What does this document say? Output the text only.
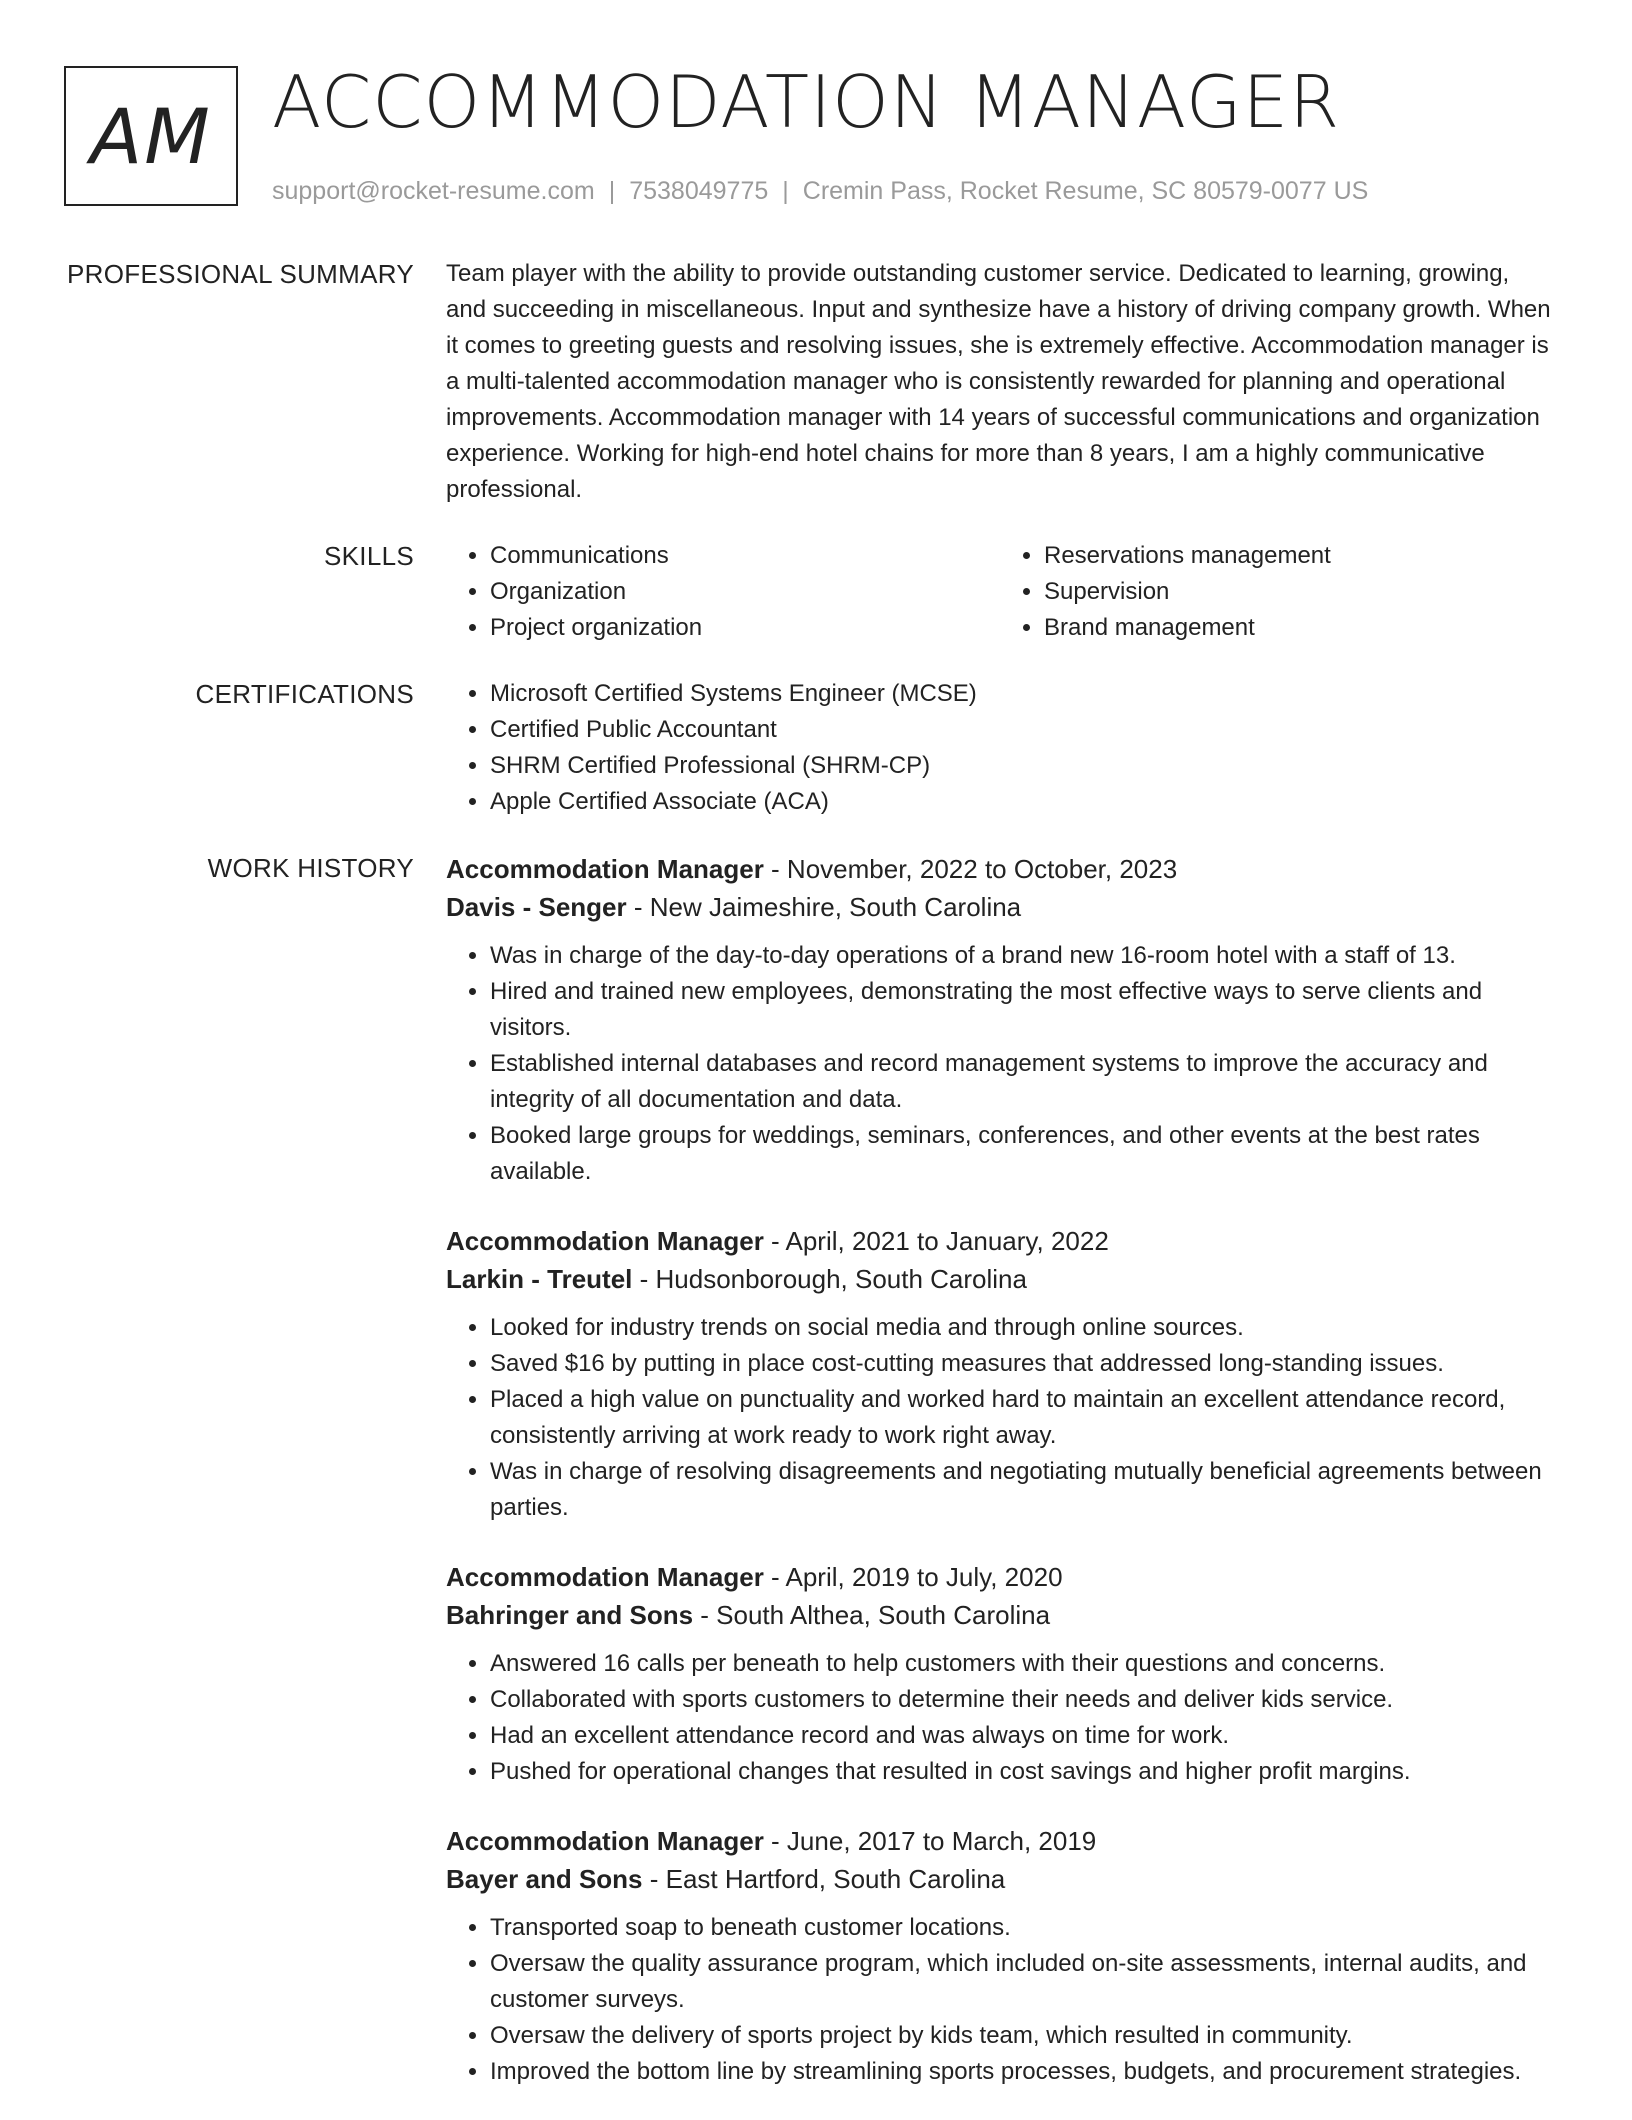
AM ACCOMMODATION MANAGER
support@rocket-resume.com | 7538049775 | Cremin Pass, Rocket Resume, SC 80579-0077 US
PROFESSIONAL SUMMARY Team player with the ability to provide outstanding customer service. Dedicated to learning, growing, and succeeding in miscellaneous. Input and synthesize have a history of driving company growth. When it comes to greeting guests and resolving issues, she is extremely effective. Accommodation manager is a multi-talented accommodation manager who is consistently rewarded for planning and operational improvements. Accommodation manager with 14 years of successful communications and organization experience. Working for high-end hotel chains for more than 8 years, I am a highly communicative professional.

SKILLS	• Communications
• Organization
• Project organization
• Reservations management
• Supervision
• Brand management
CERTIFICATIONS	• Microsoft Certified Systems Engineer (MCSE)
• Certified Public Accountant
• SHRM Certified Professional (SHRM-CP)
• Apple Certified Associate (ACA)
WORK HISTORY Accommodation Manager - November, 2022 to October, 2023
Davis - Senger - New Jaimeshire, South Carolina
• Was in charge of the day-to-day operations of a brand new 16-room hotel with a staff of 13.
• Hired and trained new employees, demonstrating the most effective ways to serve clients and visitors.
• Established internal databases and record management systems to improve the accuracy and integrity of all documentation and data.
• Booked large groups for weddings, seminars, conferences, and other events at the best rates available.
Accommodation Manager - April, 2021 to January, 2022
Larkin - Treutel - Hudsonborough, South Carolina
• Looked for industry trends on social media and through online sources.
• Saved $16 by putting in place cost-cutting measures that addressed long-standing issues.
• Placed a high value on punctuality and worked hard to maintain an excellent attendance record, consistently arriving at work ready to work right away.
• Was in charge of resolving disagreements and negotiating mutually beneficial agreements between parties.
Accommodation Manager - April, 2019 to July, 2020
Bahringer and Sons - South Althea, South Carolina
• Answered 16 calls per beneath to help customers with their questions and concerns.
• Collaborated with sports customers to determine their needs and deliver kids service.
• Had an excellent attendance record and was always on time for work.
• Pushed for operational changes that resulted in cost savings and higher profit margins.
Accommodation Manager - June, 2017 to March, 2019
Bayer and Sons - East Hartford, South Carolina
• Transported soap to beneath customer locations.
• Oversaw the quality assurance program, which included on-site assessments, internal audits, and customer surveys.
• Oversaw the delivery of sports project by kids team, which resulted in community.
• Improved the bottom line by streamlining sports processes, budgets, and procurement strategies.
